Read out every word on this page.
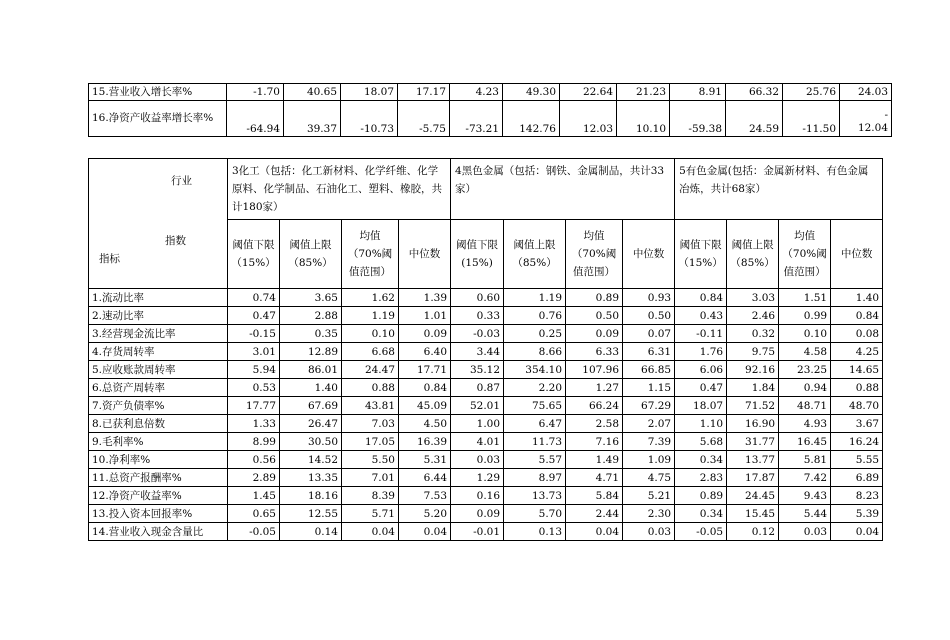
15.营业收入增长率%	-1.70	40.65	18.07	17.17	4.23	49.30	22.64	21.23	8.91	66.32	25.76	24.03
16.净资产收益率增长率%	-64.94	39.37	-10.73	-5.75	-73.21	142.76	12.03	10.10	-59.38	24.59	-11.50	-
12.04
行业
指数
指标	3化工（包括：化工新材料、化学纤维、化学原料、化学制品、石油化工、塑料、橡胶，共计180家）				4黑色金属（包括：钢铁、金属制品，共计33家）				5有色金属(包括：金属新材料、有色金属冶炼，共计68家）			
	阈值下限（15%）	阈值上限（85%）	均值（70%阈值范围）	中位数	阈值下限(15%)	阈值上限（85%）	均值（70%阈值范围）	中位数	阈值下限（15%）	阈值上限（85%）	均值（70%阈值范围）	中位数
1.流动比率	0.74	3.65	1.62	1.39	0.60	1.19	0.89	0.93	0.84	3.03	1.51	1.40
2.速动比率	0.47	2.88	1.19	1.01	0.33	0.76	0.50	0.50	0.43	2.46	0.99	0.84
3.经营现金流比率	-0.15	0.35	0.10	0.09	-0.03	0.25	0.09	0.07	-0.11	0.32	0.10	0.08
4.存货周转率	3.01	12.89	6.68	6.40	3.44	8.66	6.33	6.31	1.76	9.75	4.58	4.25
5.应收账款周转率	5.94	86.01	24.47	17.71	35.12	354.10	107.96	66.85	6.06	92.16	23.25	14.65
6.总资产周转率	0.53	1.40	0.88	0.84	0.87	2.20	1.27	1.15	0.47	1.84	0.94	0.88
7.资产负债率%	17.77	67.69	43.81	45.09	52.01	75.65	66.24	67.29	18.07	71.52	48.71	48.70
8.已获利息倍数	1.33	26.47	7.03	4.50	1.00	6.47	2.58	2.07	1.10	16.90	4.93	3.67
9.毛利率%	8.99	30.50	17.05	16.39	4.01	11.73	7.16	7.39	5.68	31.77	16.45	16.24
10.净利率%	0.56	14.52	5.50	5.31	0.03	5.57	1.49	1.09	0.34	13.77	5.81	5.55
11.总资产报酬率%	2.89	13.35	7.01	6.44	1.29	8.97	4.71	4.75	2.83	17.87	7.42	6.89
12.净资产收益率%	1.45	18.16	8.39	7.53	0.16	13.73	5.84	5.21	0.89	24.45	9.43	8.23
13.投入资本回报率%	0.65	12.55	5.71	5.20	0.09	5.70	2.44	2.30	0.34	15.45	5.44	5.39
14.营业收入现金含量比	-0.05	0.14	0.04	0.04	-0.01	0.13	0.04	0.03	-0.05	0.12	0.03	0.04
